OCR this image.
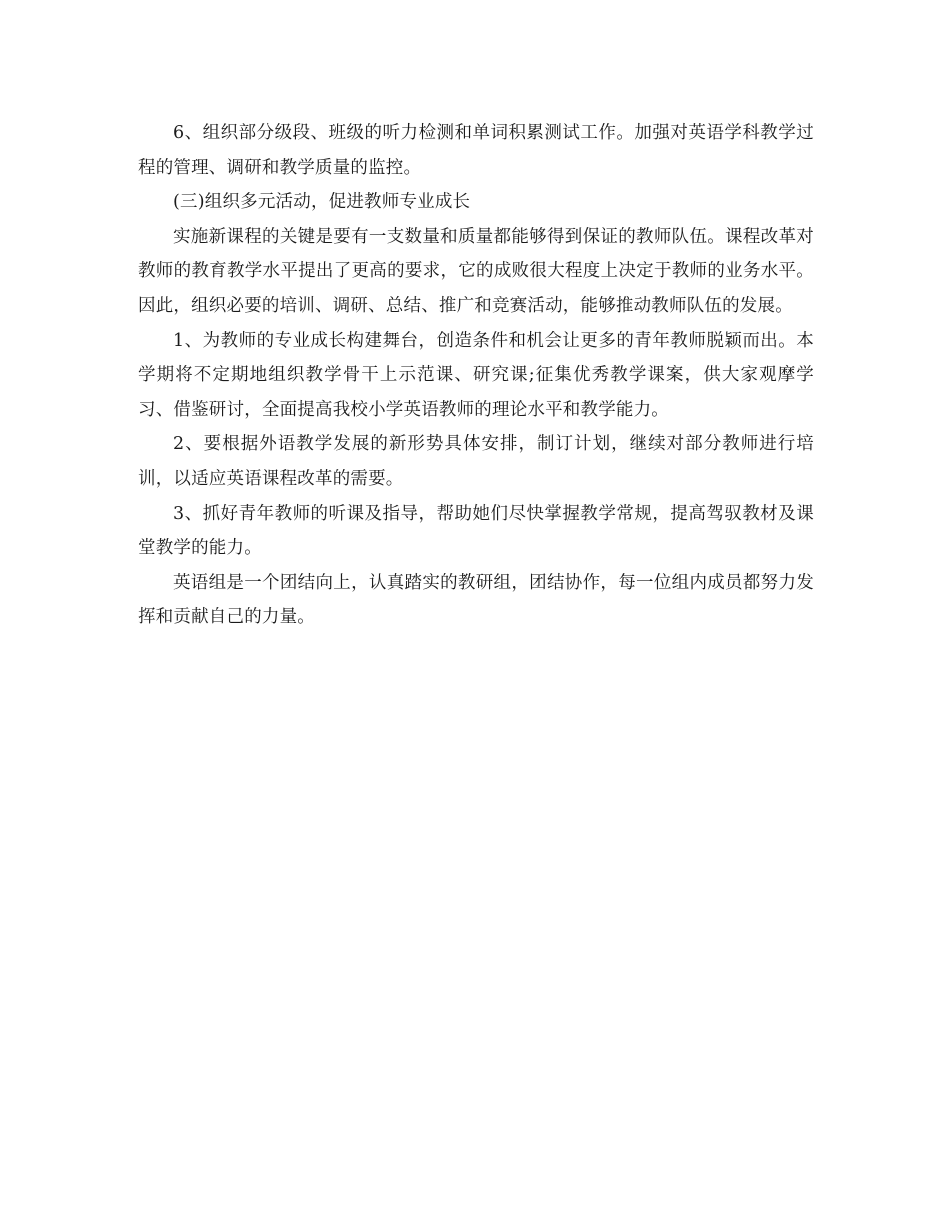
6、组织部分级段、班级的听力检测和单词积累测试工作。加强对英语学科教学过程的管理、调研和教学质量的监控。

(三)组织多元活动，促进教师专业成长

实施新课程的关键是要有一支数量和质量都能够得到保证的教师队伍。课程改革对教师的教育教学水平提出了更高的要求，它的成败很大程度上决定于教师的业务水平。因此，组织必要的培训、调研、总结、推广和竞赛活动，能够推动教师队伍的发展。

1、为教师的专业成长构建舞台，创造条件和机会让更多的青年教师脱颖而出。本学期将不定期地组织教学骨干上示范课、研究课;征集优秀教学课案，供大家观摩学习、借鉴研讨，全面提高我校小学英语教师的理论水平和教学能力。

2、要根据外语教学发展的新形势具体安排，制订计划，继续对部分教师进行培训，以适应英语课程改革的需要。

3、抓好青年教师的听课及指导，帮助她们尽快掌握教学常规，提高驾驭教材及课堂教学的能力。

英语组是一个团结向上，认真踏实的教研组，团结协作，每一位组内成员都努力发挥和贡献自己的力量。
